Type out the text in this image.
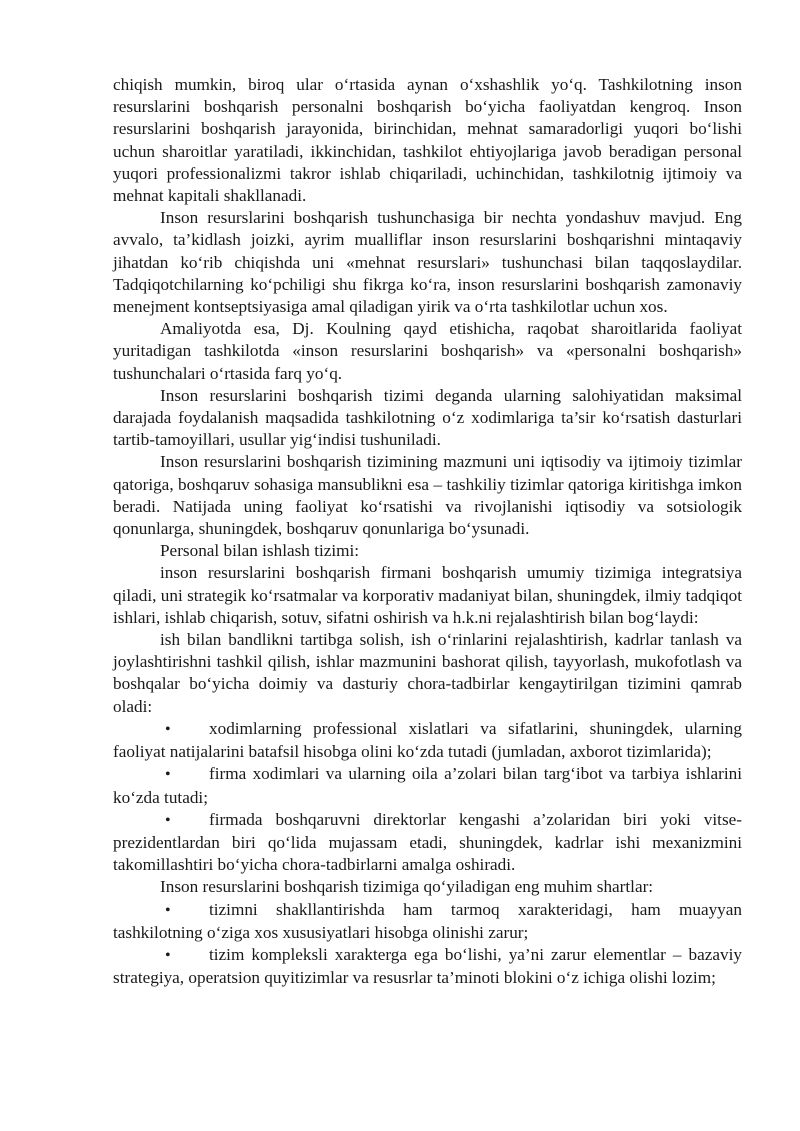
chiqish mumkin, biroq ular o‘rtasida aynan o‘xshashlik yo‘q. Tashkilotning inson resurslarini boshqarish personalni boshqarish bo‘yicha faoliyatdan kengroq. Inson resurslarini boshqarish jarayonida, birinchidan, mehnat samaradorligi yuqori bo‘lishi uchun sharoitlar yaratiladi, ikkinchidan, tashkilot ehtiyojlariga javob beradigan personal yuqori professionalizmi takror ishlab chiqariladi, uchinchidan, tashkilotnig ijtimoiy va mehnat kapitali shakllanadi.

Inson resurslarini boshqarish tushunchasiga bir nechta yondashuv mavjud. Eng avvalo, ta’kidlash joizki, ayrim mualliflar inson resurslarini boshqarishni mintaqaviy jihatdan ko‘rib chiqishda uni «mehnat resurslari» tushunchasi bilan taqqoslaydilar. Tadqiqotchilarning ko‘pchiligi shu fikrga ko‘ra, inson resurslarini boshqarish zamonaviy menejment kontseptsiyasiga amal qiladigan yirik va o‘rta tashkilotlar uchun xos.

Amaliyotda esa, Dj. Koulning qayd etishicha, raqobat sharoitlarida faoliyat yuritadigan tashkilotda «inson resurslarini boshqarish» va «personalni boshqarish» tushunchalari o‘rtasida farq yo‘q.

Inson resurslarini boshqarish tizimi deganda ularning salohiyatidan maksimal darajada foydalanish maqsadida tashkilotning o‘z xodimlariga ta’sir ko‘rsatish dasturlari tartib-tamoyillari, usullar yig‘indisi tushuniladi.

Inson resurslarini boshqarish tizimining mazmuni uni iqtisodiy va ijtimoiy tizimlar qatoriga, boshqaruv sohasiga mansublikni esa – tashkiliy tizimlar qatoriga kiritishga imkon beradi. Natijada uning faoliyat ko‘rsatishi va rivojlanishi iqtisodiy va sotsiologik qonunlarga, shuningdek, boshqaruv qonunlariga bo‘ysunadi.

Personal bilan ishlash tizimi:

inson resurslarini boshqarish firmani boshqarish umumiy tizimiga integratsiya qiladi, uni strategik ko‘rsatmalar va korporativ madaniyat bilan, shuningdek, ilmiy tadqiqot ishlari, ishlab chiqarish, sotuv, sifatni oshirish va h.k.ni rejalashtirish bilan bog‘laydi:

ish bilan bandlikni tartibga solish, ish o‘rinlarini rejalashtirish, kadrlar tanlash va joylashtirishni tashkil qilish, ishlar mazmunini bashorat qilish, tayyorlash, mukofotlash va boshqalar bo‘yicha doimiy va dasturiy chora-tadbirlar kengaytirilgan tizimini qamrab oladi:

• xodimlarning professional xislatlari va sifatlarini, shuningdek, ularning faoliyat natijalarini batafsil hisobga olini ko‘zda tutadi (jumladan, axborot tizimlarida);

• firma xodimlari va ularning oila a’zolari bilan targ‘ibot va tarbiya ishlarini ko‘zda tutadi;

• firmada boshqaruvni direktorlar kengashi a’zolaridan biri yoki vitse-prezidentlardan biri qo‘lida mujassam etadi, shuningdek, kadrlar ishi mexanizmini takomillashtiri bo‘yicha chora-tadbirlarni amalga oshiradi.

Inson resurslarini boshqarish tizimiga qo‘yiladigan eng muhim shartlar:

• tizimni shakllantirishda ham tarmoq xarakteridagi, ham muayyan tashkilotning o‘ziga xos xususiyatlari hisobga olinishi zarur;

• tizim kompleksli xarakterga ega bo‘lishi, ya’ni zarur elementlar – bazaviy strategiya, operatsion quyitizimlar va resusrlar ta’minoti blokini o‘z ichiga olishi lozim;
